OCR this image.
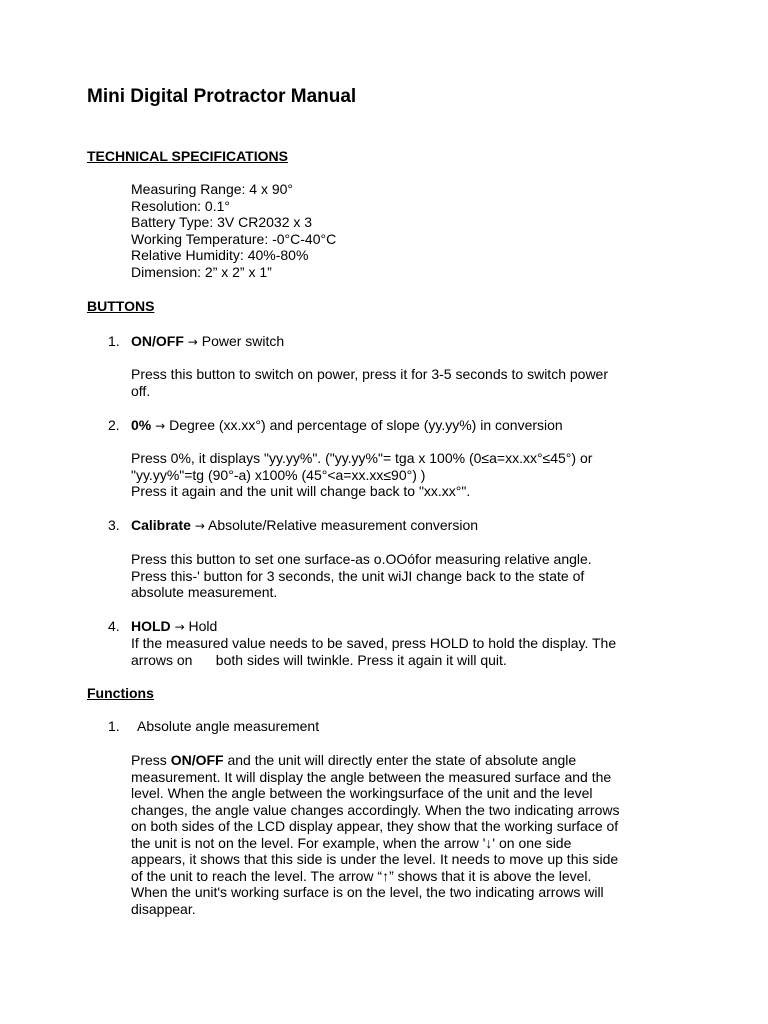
Mini Digital Protractor Manual
TECHNICAL SPECIFICATIONS
Measuring Range: 4 x 90°
Resolution: 0.1°
Battery Type: 3V CR2032 x 3
Working Temperature: -0°C-40°C
Relative Humidity: 40%-80%
Dimension: 2” x 2” x 1”
BUTTONS
1. ON/OFF → Power switch
Press this button to switch on power, press it for 3-5 seconds to switch power
off.
2. 0% → Degree (xx.xx°) and percentage of slope (yy.yy%) in conversion
Press 0%, it displays "yy.yy%". ("yy.yy%"= tga x 100% (0≤a=xx.xx°≤45°) or
"yy.yy%"=tg (90°-a) x100% (45°<a=xx.xx≤90°) )
Press it again and the unit will change back to "xx.xx°".
3. Calibrate → Absolute/Relative measurement conversion
Press this button to set one surface-as o.OOófor measuring relative angle.
Press this-' button for 3 seconds, the unit wiJI change back to the state of
absolute measurement.
4. HOLD → Hold
If the measured value needs to be saved, press HOLD to hold the display. The
arrows on      both sides will twinkle. Press it again it will quit.
Functions
1. Absolute angle measurement
Press ON/OFF and the unit will directly enter the state of absolute angle
measurement. It will display the angle between the measured surface and the
level. When the angle between the workingsurface of the unit and the level
changes, the angle value changes accordingly. When the two indicating arrows
on both sides of the LCD display appear, they show that the working surface of
the unit is not on the level. For example, when the arrow '↓' on one side
appears, it shows that this side is under the level. It needs to move up this side
of the unit to reach the level. The arrow “↑” shows that it is above the level.
When the unit's working surface is on the level, the two indicating arrows will
disappear.
